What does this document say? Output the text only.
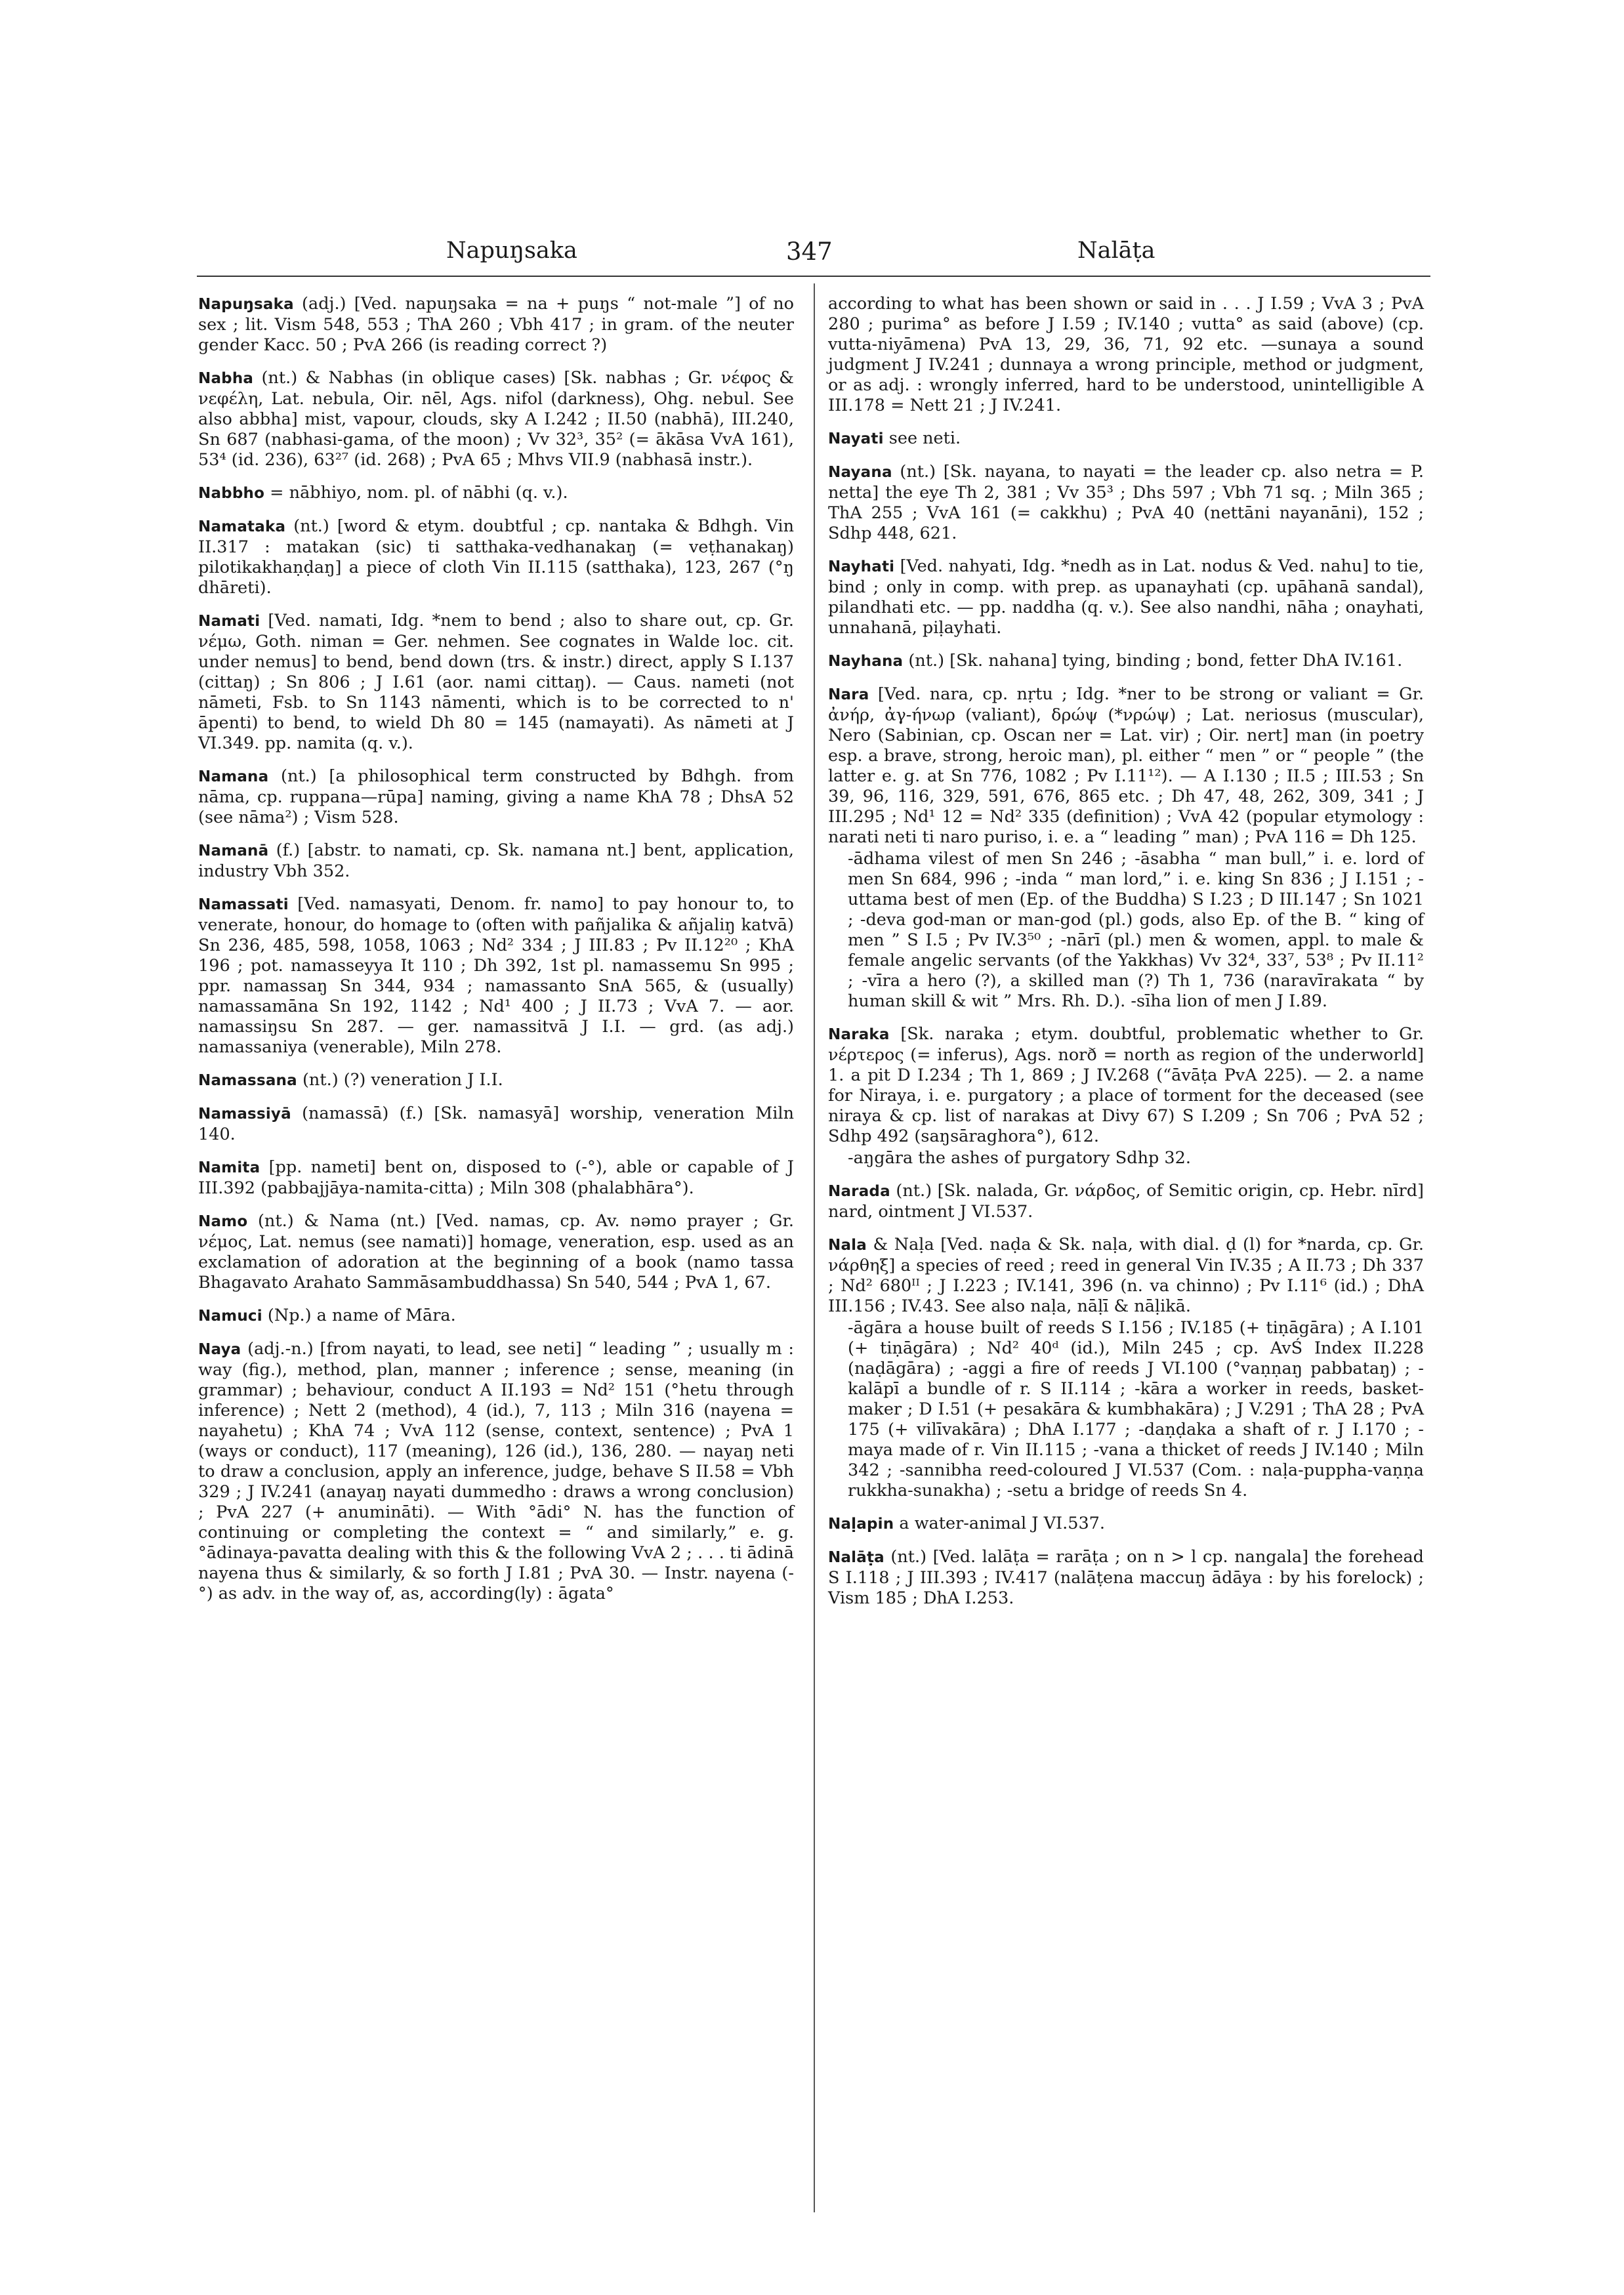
Napuŋsaka	347	Nalāṭa
Napuŋsaka (adj.) [Ved. napuŋsaka = na + puŋs “ not-male ”] of no sex ; lit. Vism 548, 553 ; ThA 260 ; Vbh 417 ; in gram. of the neuter gender Kacc. 50 ; PvA 266 (is reading correct ?)
Nabha (nt.) & Nabhas (in oblique cases) [Sk. nabhas ; Gr. νέφος & νεφέλη, Lat. nebula, Oir. nēl, Ags. nifol (darkness), Ohg. nebul. See also abbha] mist, vapour, clouds, sky A I.242 ; II.50 (nabhā), III.240, Sn 687 (nabhasi-gama, of the moon) ; Vv 32³, 35² (= ākāsa VvA 161), 53⁴ (id. 236), 63²⁷ (id. 268) ; PvA 65 ; Mhvs VII.9 (nabhasā instr.).
Nabbho = nābhiyo, nom. pl. of nābhi (q. v.).
Namataka (nt.) [word & etym. doubtful ; cp. nantaka & Bdhgh. Vin II.317 : matakan (sic) ti satthaka-vedhanakaŋ (= veṭhanakaŋ) pilotikakhaṇḍaŋ] a piece of cloth Vin II.115 (satthaka), 123, 267 (°ŋ dhāreti).
Namati [Ved. namati, Idg. *nem to bend ; also to share out, cp. Gr. νέμω, Goth. niman = Ger. nehmen. See cognates in Walde loc. cit. under nemus] to bend, bend down (trs. & instr.) direct, apply S I.137 (cittaŋ) ; Sn 806 ; J I.61 (aor. nami cittaŋ). — Caus. nameti (not nāmeti, Fsb. to Sn 1143 nāmenti, which is to be corrected to n' āpenti) to bend, to wield Dh 80 = 145 (namayati). As nāmeti at J VI.349. pp. namita (q. v.).
Namana (nt.) [a philosophical term constructed by Bdhgh. from nāma, cp. ruppana—rūpa] naming, giving a name KhA 78 ; DhsA 52 (see nāma²) ; Vism 528.
Namanā (f.) [abstr. to namati, cp. Sk. namana nt.] bent, application, industry Vbh 352.
Namassati [Ved. namasyati, Denom. fr. namo] to pay honour to, to venerate, honour, do homage to (often with pañjalika & añjaliŋ katvā) Sn 236, 485, 598, 1058, 1063 ; Nd² 334 ; J III.83 ; Pv II.12²⁰ ; KhA 196 ; pot. namasseyya It 110 ; Dh 392, 1st pl. namassemu Sn 995 ; ppr. namassaŋ Sn 344, 934 ; namassanto SnA 565, & (usually) namassamāna Sn 192, 1142 ; Nd¹ 400 ; J II.73 ; VvA 7. — aor. namassiŋsu Sn 287. — ger. namassitvā J I.I. — grd. (as adj.) namassaniya (venerable), Miln 278.
Namassana (nt.) (?) veneration J I.I.
Namassiyā (namassā) (f.) [Sk. namasyā] worship, veneration Miln 140.
Namita [pp. nameti] bent on, disposed to (-°), able or capable of J III.392 (pabbajjāya-namita-citta) ; Miln 308 (phalabhāra°).
Namo (nt.) & Nama (nt.) [Ved. namas, cp. Av. nəmo prayer ; Gr. νέμος, Lat. nemus (see namati)] homage, veneration, esp. used as an exclamation of adoration at the beginning of a book (namo tassa Bhagavato Arahato Sammāsambuddhassa) Sn 540, 544 ; PvA 1, 67.
Namuci (Np.) a name of Māra.
Naya (adj.-n.) [from nayati, to lead, see neti] “ leading ” ; usually m : way (fig.), method, plan, manner ; inference ; sense, meaning (in grammar) ; behaviour, conduct A II.193 = Nd² 151 (°hetu through inference) ; Nett 2 (method), 4 (id.), 7, 113 ; Miln 316 (nayena = nayahetu) ; KhA 74 ; VvA 112 (sense, context, sentence) ; PvA 1 (ways or conduct), 117 (meaning), 126 (id.), 136, 280. — nayaŋ neti to draw a conclusion, apply an inference, judge, behave S II.58 = Vbh 329 ; J IV.241 (anayaŋ nayati dummedho : draws a wrong conclusion) ; PvA 227 (+ anumināti). — With °ādi° N. has the function of continuing or completing the context = “ and similarly,” e. g. °ādinaya-pavatta dealing with this & the following VvA 2 ; . . . ti ādinā nayena thus & similarly, & so forth J I.81 ; PvA 30. — Instr. nayena (-°) as adv. in the way of, as, according(ly) : āgata°
according to what has been shown or said in . . . J I.59 ; VvA 3 ; PvA 280 ; purima° as before J I.59 ; IV.140 ; vutta° as said (above) (cp. vutta-niyāmena) PvA 13, 29, 36, 71, 92 etc. —sunaya a sound judgment J IV.241 ; dunnaya a wrong principle, method or judgment, or as adj. : wrongly inferred, hard to be understood, unintelligible A III.178 = Nett 21 ; J IV.241.
Nayati see neti.
Nayana (nt.) [Sk. nayana, to nayati = the leader cp. also netra = P. netta] the eye Th 2, 381 ; Vv 35³ ; Dhs 597 ; Vbh 71 sq. ; Miln 365 ; ThA 255 ; VvA 161 (= cakkhu) ; PvA 40 (nettāni nayanāni), 152 ; Sdhp 448, 621.
Nayhati [Ved. nahyati, Idg. *nedh as in Lat. nodus & Ved. nahu] to tie, bind ; only in comp. with prep. as upanayhati (cp. upāhanā sandal), pilandhati etc. — pp. naddha (q. v.). See also nandhi, nāha ; onayhati, unnahanā, piḷayhati.
Nayhana (nt.) [Sk. nahana] tying, binding ; bond, fetter DhA IV.161.
Nara [Ved. nara, cp. nṛtu ; Idg. *ner to be strong or valiant = Gr. ἀνήρ, ἀγ-ήνωρ (valiant), δρώψ (*νρώψ) ; Lat. neriosus (muscular), Nero (Sabinian, cp. Oscan ner = Lat. vir) ; Oir. nert] man (in poetry esp. a brave, strong, heroic man), pl. either “ men ” or “ people ” (the latter e. g. at Sn 776, 1082 ; Pv I.11¹²). — A I.130 ; II.5 ; III.53 ; Sn 39, 96, 116, 329, 591, 676, 865 etc. ; Dh 47, 48, 262, 309, 341 ; J III.295 ; Nd¹ 12 = Nd² 335 (definition) ; VvA 42 (popular etymology : narati neti ti naro puriso, i. e. a “ leading ” man) ; PvA 116 = Dh 125.
-ādhama vilest of men Sn 246 ; -āsabha “ man bull,” i. e. lord of men Sn 684, 996 ; -inda “ man lord,” i. e. king Sn 836 ; J I.151 ; -uttama best of men (Ep. of the Buddha) S I.23 ; D III.147 ; Sn 1021 ; -deva god-man or man-god (pl.) gods, also Ep. of the B. “ king of men ” S I.5 ; Pv IV.3⁵⁰ ; -nārī (pl.) men & women, appl. to male & female angelic servants (of the Yakkhas) Vv 32⁴, 33⁷, 53⁸ ; Pv II.11² ; -vīra a hero (?), a skilled man (?) Th 1, 736 (naravīrakata “ by human skill & wit ” Mrs. Rh. D.). -sīha lion of men J I.89.
Naraka [Sk. naraka ; etym. doubtful, problematic whether to Gr. νέρτερος (= inferus), Ags. norð = north as region of the underworld] 1. a pit D I.234 ; Th 1, 869 ; J IV.268 (“āvāṭa PvA 225). — 2. a name for Niraya, i. e. purgatory ; a place of torment for the deceased (see niraya & cp. list of narakas at Divy 67) S I.209 ; Sn 706 ; PvA 52 ; Sdhp 492 (saŋsāraghora°), 612.
-aŋgāra the ashes of purgatory Sdhp 32.
Narada (nt.) [Sk. nalada, Gr. νάρδος, of Semitic origin, cp. Hebr. nīrd] nard, ointment J VI.537.
Nala & Naḷa [Ved. naḍa & Sk. naḷa, with dial. ḍ (l) for *narda, cp. Gr. νάρθηξ] a species of reed ; reed in general Vin IV.35 ; A II.73 ; Dh 337 ; Nd² 680ᴵᴵ ; J I.223 ; IV.141, 396 (n. va chinno) ; Pv I.11⁶ (id.) ; DhA III.156 ; IV.43. See also naḷa, nāḷī & nāḷikā.
-āgāra a house built of reeds S I.156 ; IV.185 (+ tiṇāgāra) ; A I.101 (+ tiṇāgāra) ; Nd² 40ᵈ (id.), Miln 245 ; cp. AvŚ Index II.228 (naḍāgāra) ; -aggi a fire of reeds J VI.100 (°vaṇṇaŋ pabbataŋ) ; -kalāpī a bundle of r. S II.114 ; -kāra a worker in reeds, basket-maker ; D I.51 (+ pesakāra & kumbhakāra) ; J V.291 ; ThA 28 ; PvA 175 (+ vilīvakāra) ; DhA I.177 ; -daṇḍaka a shaft of r. J I.170 ; -maya made of r. Vin II.115 ; -vana a thicket of reeds J IV.140 ; Miln 342 ; -sannibha reed-coloured J VI.537 (Com. : naḷa-puppha-vaṇṇa rukkha-sunakha) ; -setu a bridge of reeds Sn 4.
Naḷapin a water-animal J VI.537.
Nalāṭa (nt.) [Ved. lalāṭa = rarāṭa ; on n > l cp. nangala] the forehead S I.118 ; J III.393 ; IV.417 (nalāṭena maccuŋ ādāya : by his forelock) ; Vism 185 ; DhA I.253.
